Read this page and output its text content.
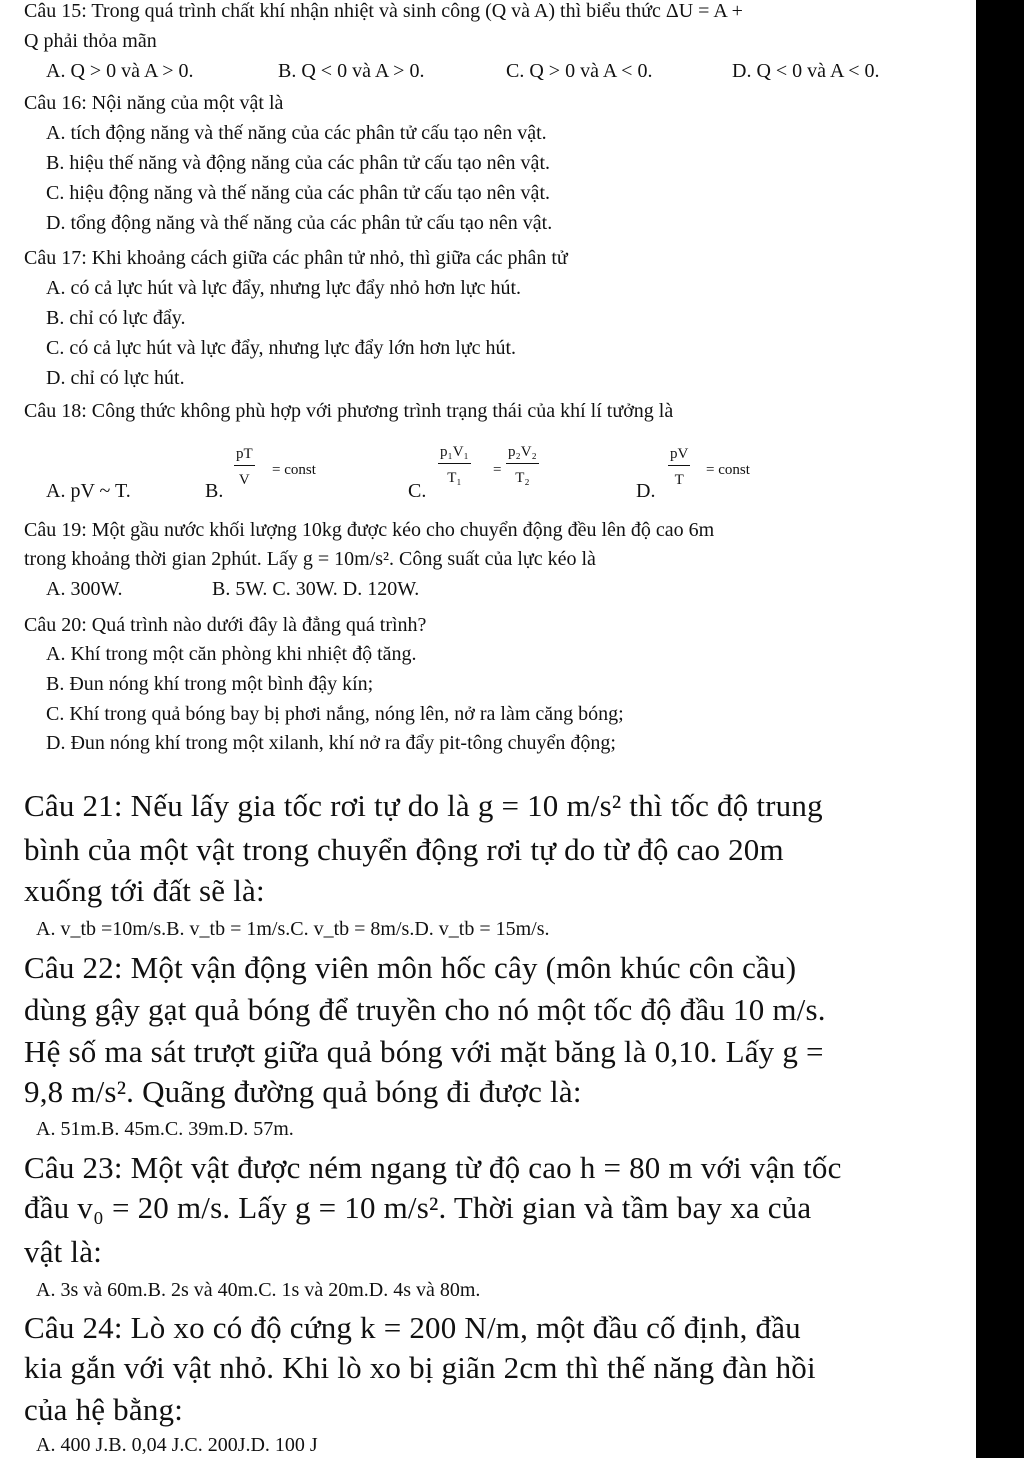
Câu 15: Trong quá trình chất khí nhận nhiệt và sinh công (Q và A) thì biểu thức ΔU = A +
Q phải thỏa mãn
A. Q > 0 và A > 0.	B. Q < 0 và A > 0.	C. Q > 0 và A < 0.	D. Q < 0 và A < 0.
Câu 16: Nội năng của một vật là
A. tích động năng và thế năng của các phân tử cấu tạo nên vật.
B. hiệu thế năng và động năng của các phân tử cấu tạo nên vật.
C. hiệu động năng và thế năng của các phân tử cấu tạo nên vật.
D. tổng động năng và thế năng của các phân tử cấu tạo nên vật.
Câu 17: Khi khoảng cách giữa các phân tử nhỏ, thì giữa các phân tử
A. có cả lực hút và lực đẩy, nhưng lực đẩy nhỏ hơn lực hút.
B. chỉ có lực đẩy.
C. có cả lực hút và lực đẩy, nhưng lực đẩy lớn hơn lực hút.
D. chỉ có lực hút.
Câu 18: Công thức không phù hợp với phương trình trạng thái của khí lí tưởng là
A. pV ~ T.	B.
$\frac{pT}{V}$ = const
C.
$\frac{\text{p₁V₁}}{\text{T₁}} = \frac{\text{p₂V₂}}{\text{T₂}}$
D.
$\frac{pV}{T}$ = const
Câu 19: Một gầu nước khối lượng 10kg được kéo cho chuyển động đều lên độ cao 6m
trong khoảng thời gian 2phút. Lấy g = 10m/s². Công suất của lực kéo là
A. 300W.	B. 5W. C. 30W. D. 120W.
Câu 20: Quá trình nào dưới đây là đẳng quá trình?
A. Khí trong một căn phòng khi nhiệt độ tăng.
B. Đun nóng khí trong một bình đậy kín;
C. Khí trong quả bóng bay bị phơi nắng, nóng lên, nở ra làm căng bóng;
D. Đun nóng khí trong một xilanh, khí nở ra đẩy pit-tông chuyển động;
Câu 21: Nếu lấy gia tốc rơi tự do là g = 10 m/s² thì tốc độ trung
bình của một vật trong chuyển động rơi tự do từ độ cao 20m
xuống tới đất sẽ là:
A. v_tb =10m/s.B. v_tb = 1m/s.C. v_tb = 8m/s.D. v_tb = 15m/s.
Câu 22: Một vận động viên môn hốc cây (môn khúc côn cầu)
dùng gậy gạt quả bóng để truyền cho nó một tốc độ đầu 10 m/s.
Hệ số ma sát trượt giữa quả bóng với mặt băng là 0,10. Lấy g =
9,8 m/s². Quãng đường quả bóng đi được là:
A. 51m.B. 45m.C. 39m.D. 57m.
Câu 23: Một vật được ném ngang từ độ cao h = 80 m với vận tốc
đầu v₀ = 20 m/s. Lấy g = 10 m/s². Thời gian và tầm bay xa của
vật là:
A. 3s và 60m.B. 2s và 40m.C. 1s và 20m.D. 4s và 80m.
Câu 24: Lò xo có độ cứng k = 200 N/m, một đầu cố định, đầu
kia gắn với vật nhỏ. Khi lò xo bị giãn 2cm thì thế năng đàn hồi
của hệ bằng:
A. 400 J.B. 0,04 J.C. 200J.D. 100 J
